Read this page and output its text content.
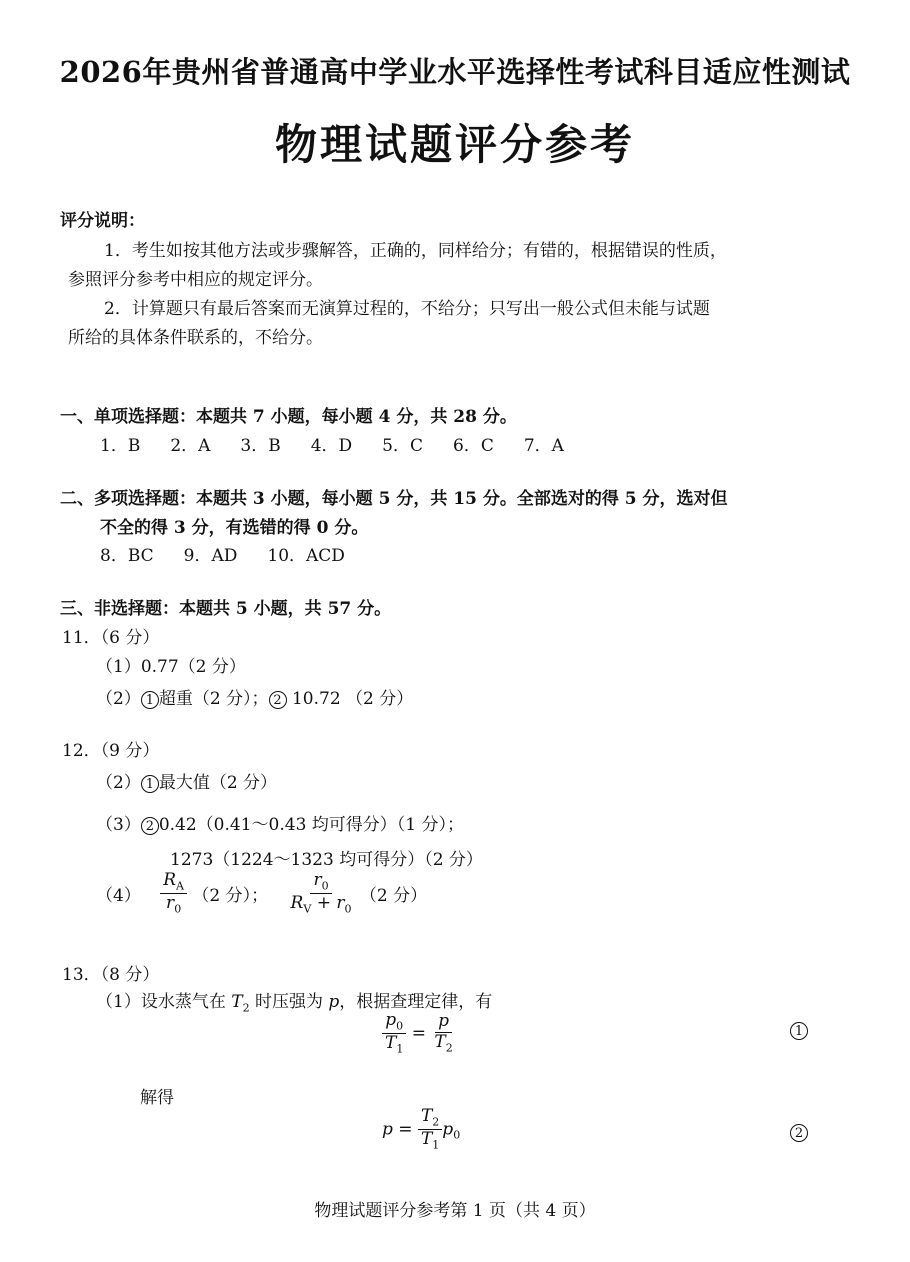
2026年贵州省普通高中学业水平选择性考试科目适应性测试
物理试题评分参考
评分说明：
1．考生如按其他方法或步骤解答，正确的，同样给分；有错的，根据错误的性质，
参照评分参考中相应的规定评分。
2．计算题只有最后答案而无演算过程的，不给分；只写出一般公式但未能与试题
所给的具体条件联系的，不给分。
一、单项选择题：本题共 7 小题，每小题 4 分，共 28 分。
1．B 2．A 3．B 4．D 5．C 6．C 7．A
二、多项选择题：本题共 3 小题，每小题 5 分，共 15 分。全部选对的得 5 分，选对但
不全的得 3 分，有选错的得 0 分。
8．BC 9．AD 10．ACD
三、非选择题：本题共 5 小题，共 57 分。
11．（6 分）
（1）0.77（2 分）
（2） 1 超重（2 分）； 2 10.72 （2 分）
12．（9 分）
（2） 1 最大值（2 分）
（3） 2 0.42（0.41～0.43 均可得分）（1 分）；
1273（1224～1323 均可得分）（2 分）
$(4) \frac{R_A}{r_0} (2$ 分）； $\frac{r_0}{R_V + r_0} (2$ 分）
13．（8 分）
（1）设水蒸气在 $T_2$ 时压强为 p，根据查理定律，有
$\frac{p_0}{T_1} = \frac{p}{T_2}$	1
解得
$p = \frac{T_2}{T_1} p_0$	2
物理试题评分参考第 1 页（共 4 页）
